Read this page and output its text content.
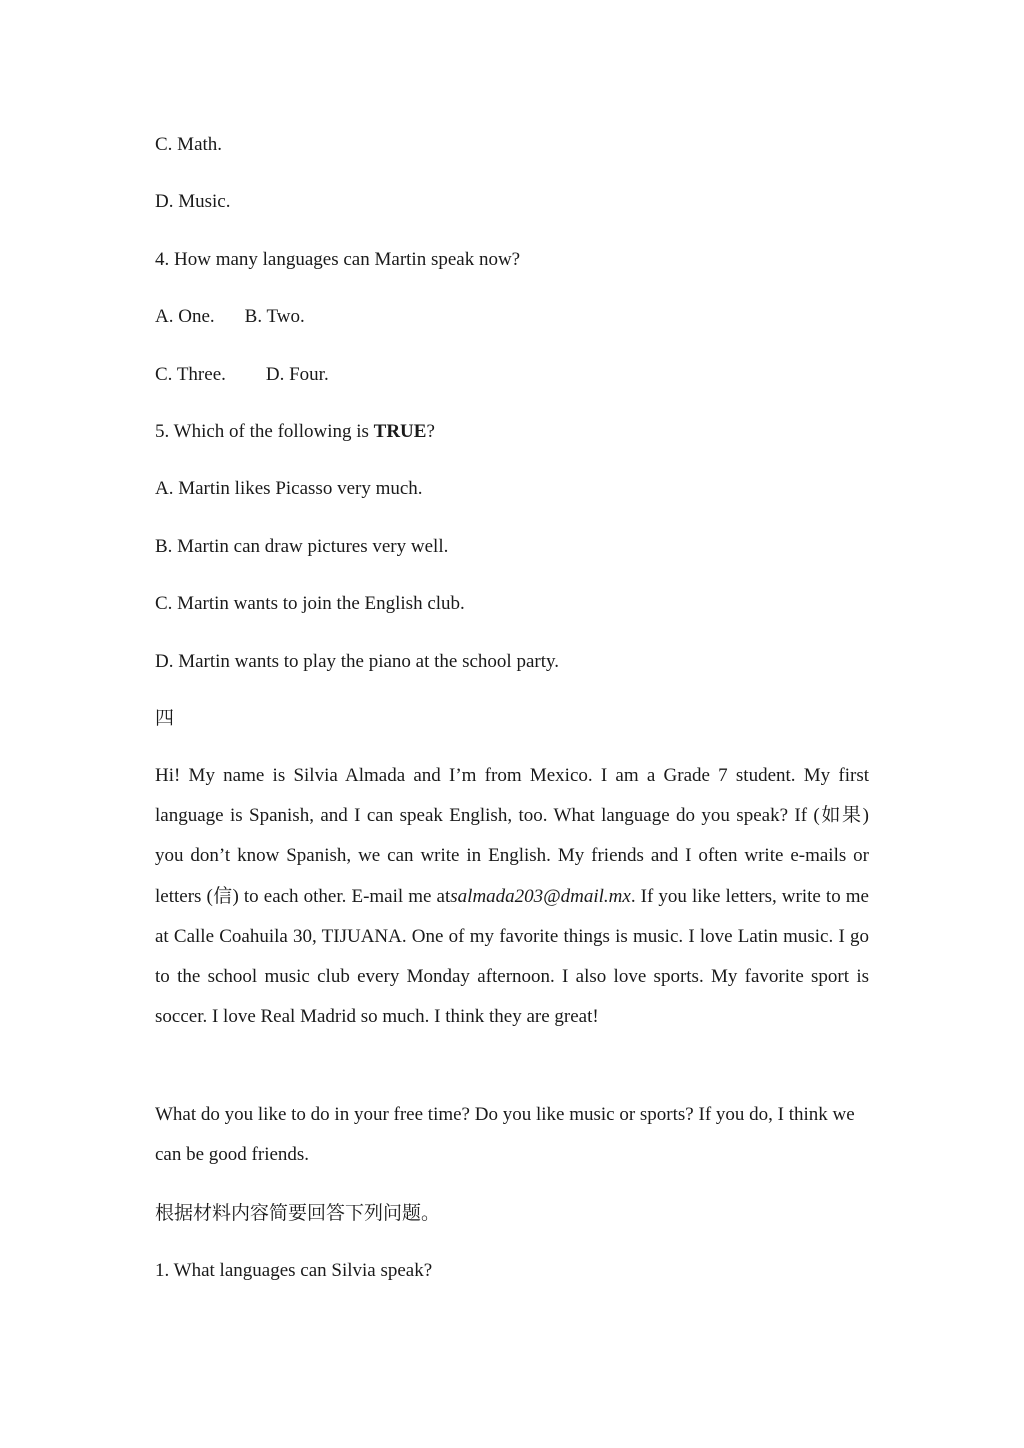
C. Math.
D. Music.
4. How many languages can Martin speak now?
A. One. B. Two.
C. Three. D. Four.
5. Which of the following is TRUE?
A. Martin likes Picasso very much.
B. Martin can draw pictures very well.
C. Martin wants to join the English club.
D. Martin wants to play the piano at the school party.
四
Hi! My name is Silvia Almada and I’m from Mexico. I am a Grade 7 student. My first language is Spanish, and I can speak English, too. What language do you speak? If (如果) you don’t know Spanish, we can write in English. My friends and I often write e-mails or letters (信) to each other. E-mail me atsalmada203@dmail.mx. If you like letters, write to me at Calle Coahuila 30, TIJUANA. One of my favorite things is music. I love Latin music. I go to the school music club every Monday afternoon. I also love sports. My favorite sport is soccer. I love Real Madrid so much. I think they are great!
What do you like to do in your free time? Do you like music or sports? If you do, I think we can be good friends.
根据材料内容简要回答下列问题。
1. What languages can Silvia speak?
